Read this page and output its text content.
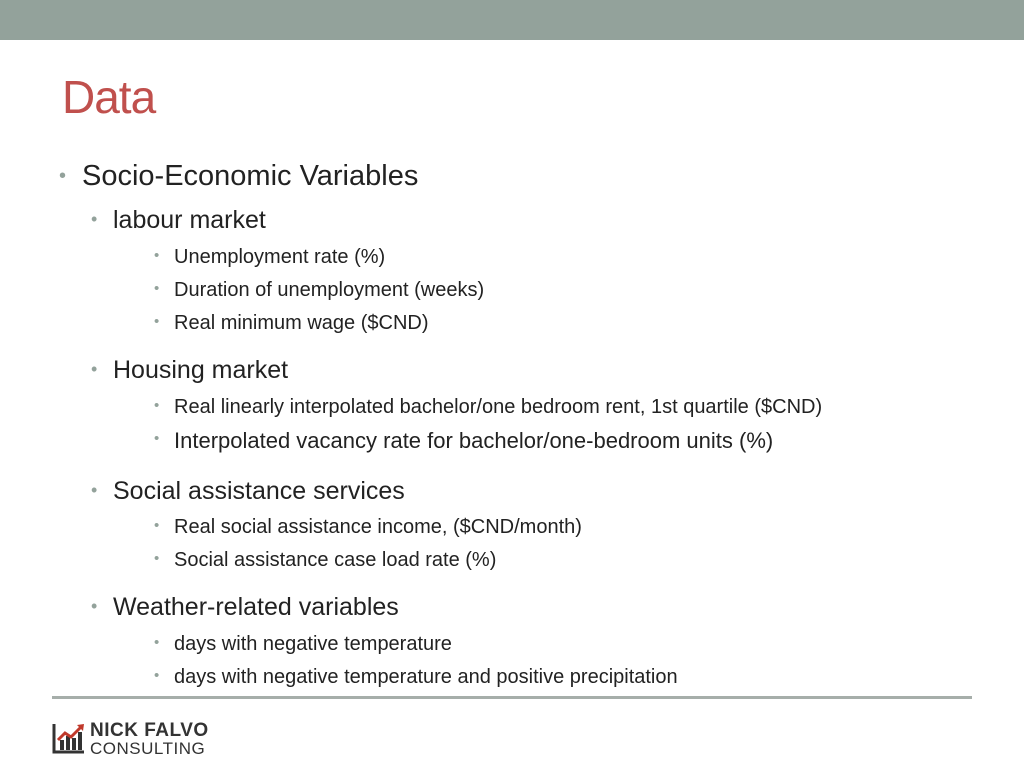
Data
• Socio-Economic Variables
• labour market
• Unemployment rate (%)
• Duration of unemployment (weeks)
• Real minimum wage ($CND)
• Housing market
• Real linearly interpolated bachelor/one bedroom rent, 1st quartile ($CND)
• Interpolated vacancy rate for bachelor/one-bedroom units (%)
• Social assistance services
• Real social assistance income, ($CND/month)
• Social assistance case load rate (%)
• Weather-related variables
• days with negative temperature
• days with negative temperature and positive precipitation
NICK FALVO
CONSULTING
